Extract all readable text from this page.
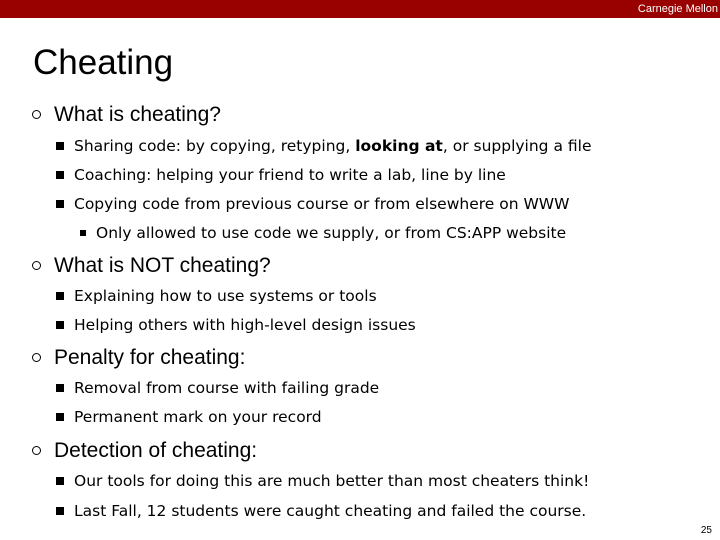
Carnegie Mellon
Cheating
What is cheating?
Sharing code: by copying, retyping, looking at, or supplying a file
Coaching: helping your friend to write a lab, line by line
Copying code from previous course or from elsewhere on WWW
Only allowed to use code we supply, or from CS:APP website
What is NOT cheating?
Explaining how to use systems or tools
Helping others with high-level design issues
Penalty for cheating:
Removal from course with failing grade
Permanent mark on your record
Detection of cheating:
Our tools for doing this are much better than most cheaters think!
Last Fall, 12 students were caught cheating and failed the course.
25
